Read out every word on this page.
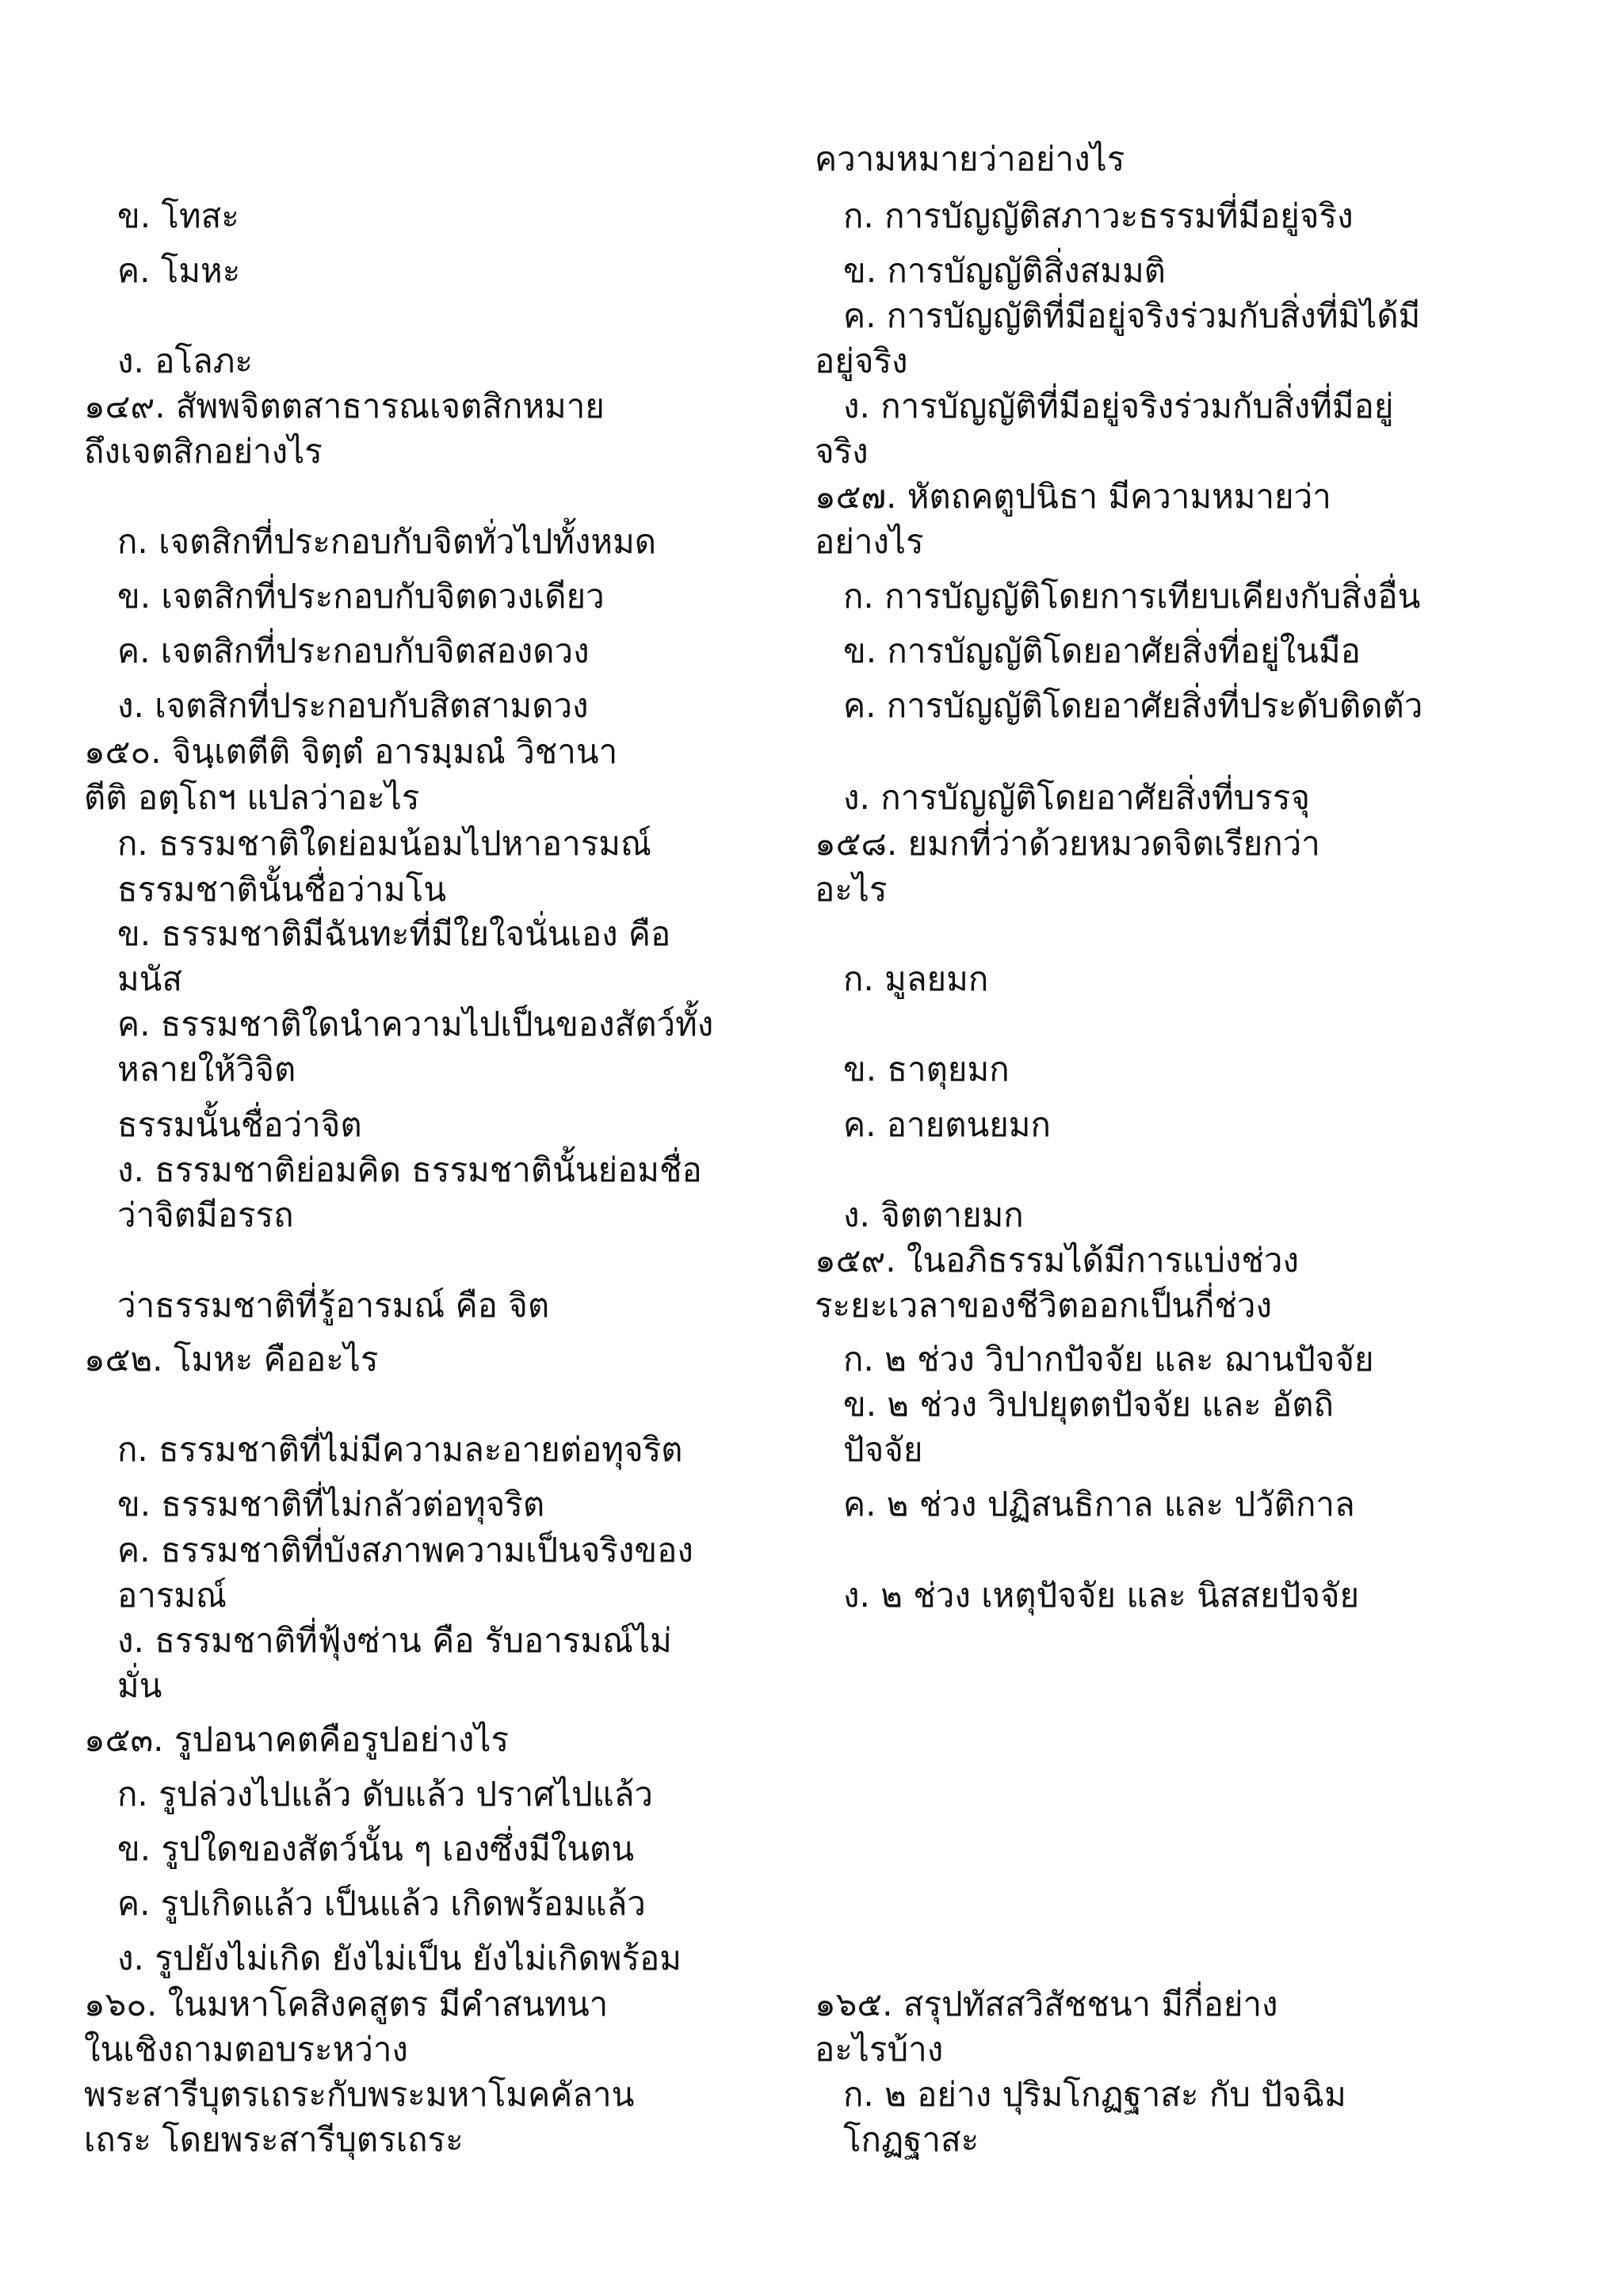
ข. โทสะ
ค. โมหะ
ง. อโลภะ
๑๔๙. สัพพจิตตสาธารณเจตสิกหมาย
ถึงเจตสิกอย่างไร
ก. เจตสิกที่ประกอบกับจิตทั่วไปทั้งหมด
ข. เจตสิกที่ประกอบกับจิตดวงเดียว
ค. เจตสิกที่ประกอบกับจิตสองดวง
ง. เจตสิกที่ประกอบกับสิตสามดวง
๑๕๐. จินฺเตตีติ จิตฺตํ อารมฺมณํ วิชานา
ตีติ อตฺโถฯ แปลว่าอะไร
ก. ธรรมชาติใดย่อมน้อมไปหาอารมณ์
ธรรมชาตินั้นชื่อว่ามโน
ข. ธรรมชาติมีฉันทะที่มีใยใจนั่นเอง คือ
มนัส
ค. ธรรมชาติใดนำความไปเป็นของสัตว์ทั้ง
หลายให้วิจิต
ธรรมนั้นชื่อว่าจิต
ง. ธรรมชาติย่อมคิด ธรรมชาตินั้นย่อมชื่อ
ว่าจิตมีอรรถ
ว่าธรรมชาติที่รู้อารมณ์ คือ จิต
๑๕๒. โมหะ คืออะไร
ก. ธรรมชาติที่ไม่มีความละอายต่อทุจริต
ข. ธรรมชาติที่ไม่กลัวต่อทุจริต
ค. ธรรมชาติที่บังสภาพความเป็นจริงของ
อารมณ์
ง. ธรรมชาติที่ฟุ้งซ่าน คือ รับอารมณ์ไม่
มั่น
๑๕๓. รูปอนาคตคือรูปอย่างไร
ก. รูปล่วงไปแล้ว ดับแล้ว ปราศไปแล้ว
ข. รูปใดของสัตว์นั้น ๆ เองซึ่งมีในตน
ค. รูปเกิดแล้ว เป็นแล้ว เกิดพร้อมแล้ว
ง. รูปยังไม่เกิด ยังไม่เป็น ยังไม่เกิดพร้อม
๑๖๐. ในมหาโคสิงคสูตร มีคำสนทนา
ในเชิงถามตอบระหว่าง
พระสารีบุตรเถระกับพระมหาโมคคัลาน
เถระ โดยพระสารีบุตรเถระ
ความหมายว่าอย่างไร
ก. การบัญญัติสภาวะธรรมที่มีอยู่จริง
ข. การบัญญัติสิ่งสมมติ
ค. การบัญญัติที่มีอยู่จริงร่วมกับสิ่งที่มิได้มี
อยู่จริง
ง. การบัญญัติที่มีอยู่จริงร่วมกับสิ่งที่มีอยู่
จริง
๑๕๗. หัตถคตูปนิธา มีความหมายว่า
อย่างไร
ก. การบัญญัติโดยการเทียบเคียงกับสิ่งอื่น
ข. การบัญญัติโดยอาศัยสิ่งที่อยู่ในมือ
ค. การบัญญัติโดยอาศัยสิ่งที่ประดับติดตัว
ง. การบัญญัติโดยอาศัยสิ่งที่บรรจุ
๑๕๘. ยมกที่ว่าด้วยหมวดจิตเรียกว่า
อะไร
ก. มูลยมก
ข. ธาตุยมก
ค. อายตนยมก
ง. จิตตายมก
๑๕๙. ในอภิธรรมได้มีการแบ่งช่วง
ระยะเวลาของชีวิตออกเป็นกี่ช่วง
ก. ๒ ช่วง วิปากปัจจัย และ ฌานปัจจัย
ข. ๒ ช่วง วิปปยุตตปัจจัย และ อัตถิ
ปัจจัย
ค. ๒ ช่วง ปฏิสนธิกาล และ ปวัติกาล
ง. ๒ ช่วง เหตุปัจจัย และ นิสสยปัจจัย
๑๖๕. สรุปทัสสวิสัชชนา มีกี่อย่าง
อะไรบ้าง
ก. ๒ อย่าง ปุริมโกฏฐาสะ กับ ปัจฉิม
โกฏฐาสะ
